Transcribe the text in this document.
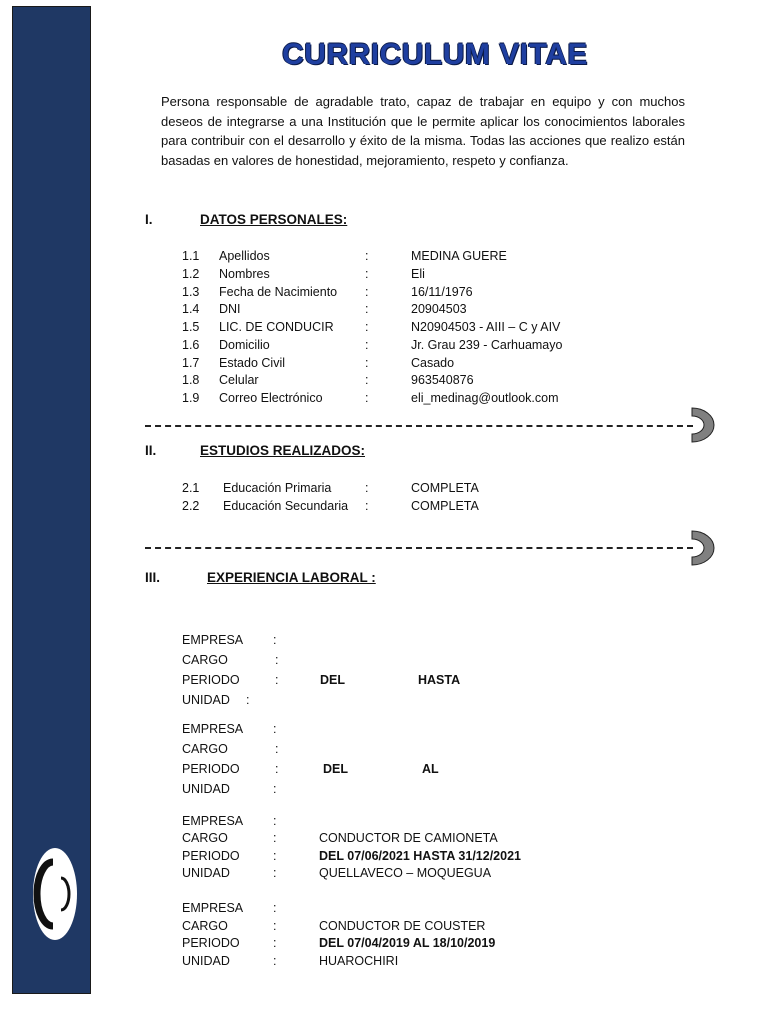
CURRICULUM VITAE
Persona responsable de agradable trato, capaz de trabajar en equipo y con muchos deseos de integrarse a una Institución que le permite aplicar los conocimientos laborales para contribuir con el desarrollo y éxito de la misma. Todas las acciones que realizo están basadas en valores de honestidad, mejoramiento, respeto y confianza.
I.	DATOS PERSONALES:
1.1 Apellidos	:	MEDINA GUERE
1.2 Nombres	:	Eli
1.3 Fecha de Nacimiento :	16/11/1976
1.4 DNI	:	20904503
1.5 LIC. DE CONDUCIR	:	N20904503 - AIII – C y AIV
1.6 Domicilio	:	Jr. Grau 239 - Carhuamayo
1.7 Estado Civil	:	Casado
1.8 Celular	:	963540876
1.9 Correo Electrónico	:	eli_medinag@outlook.com
II.	ESTUDIOS REALIZADOS:
2.1 Educación Primaria	:	COMPLETA
2.2 Educación Secundaria :	COMPLETA
III.	EXPERIENCIA LABORAL :
EMPRESA :
CARGO	:
PERIODO	:	DEL	HASTA
UNIDAD :
EMPRESA :
CARGO	:
PERIODO	:	DEL	AL
UNIDAD	:
EMPRESA :
CARGO	:	CONDUCTOR DE CAMIONETA
PERIODO	:	DEL 07/06/2021 HASTA 31/12/2021
UNIDAD	:	QUELLAVECO – MOQUEGUA
EMPRESA :
CARGO	:	CONDUCTOR DE COUSTER
PERIODO	:	DEL 07/04/2019 AL 18/10/2019
UNIDAD	:	HUAROCHIRI
